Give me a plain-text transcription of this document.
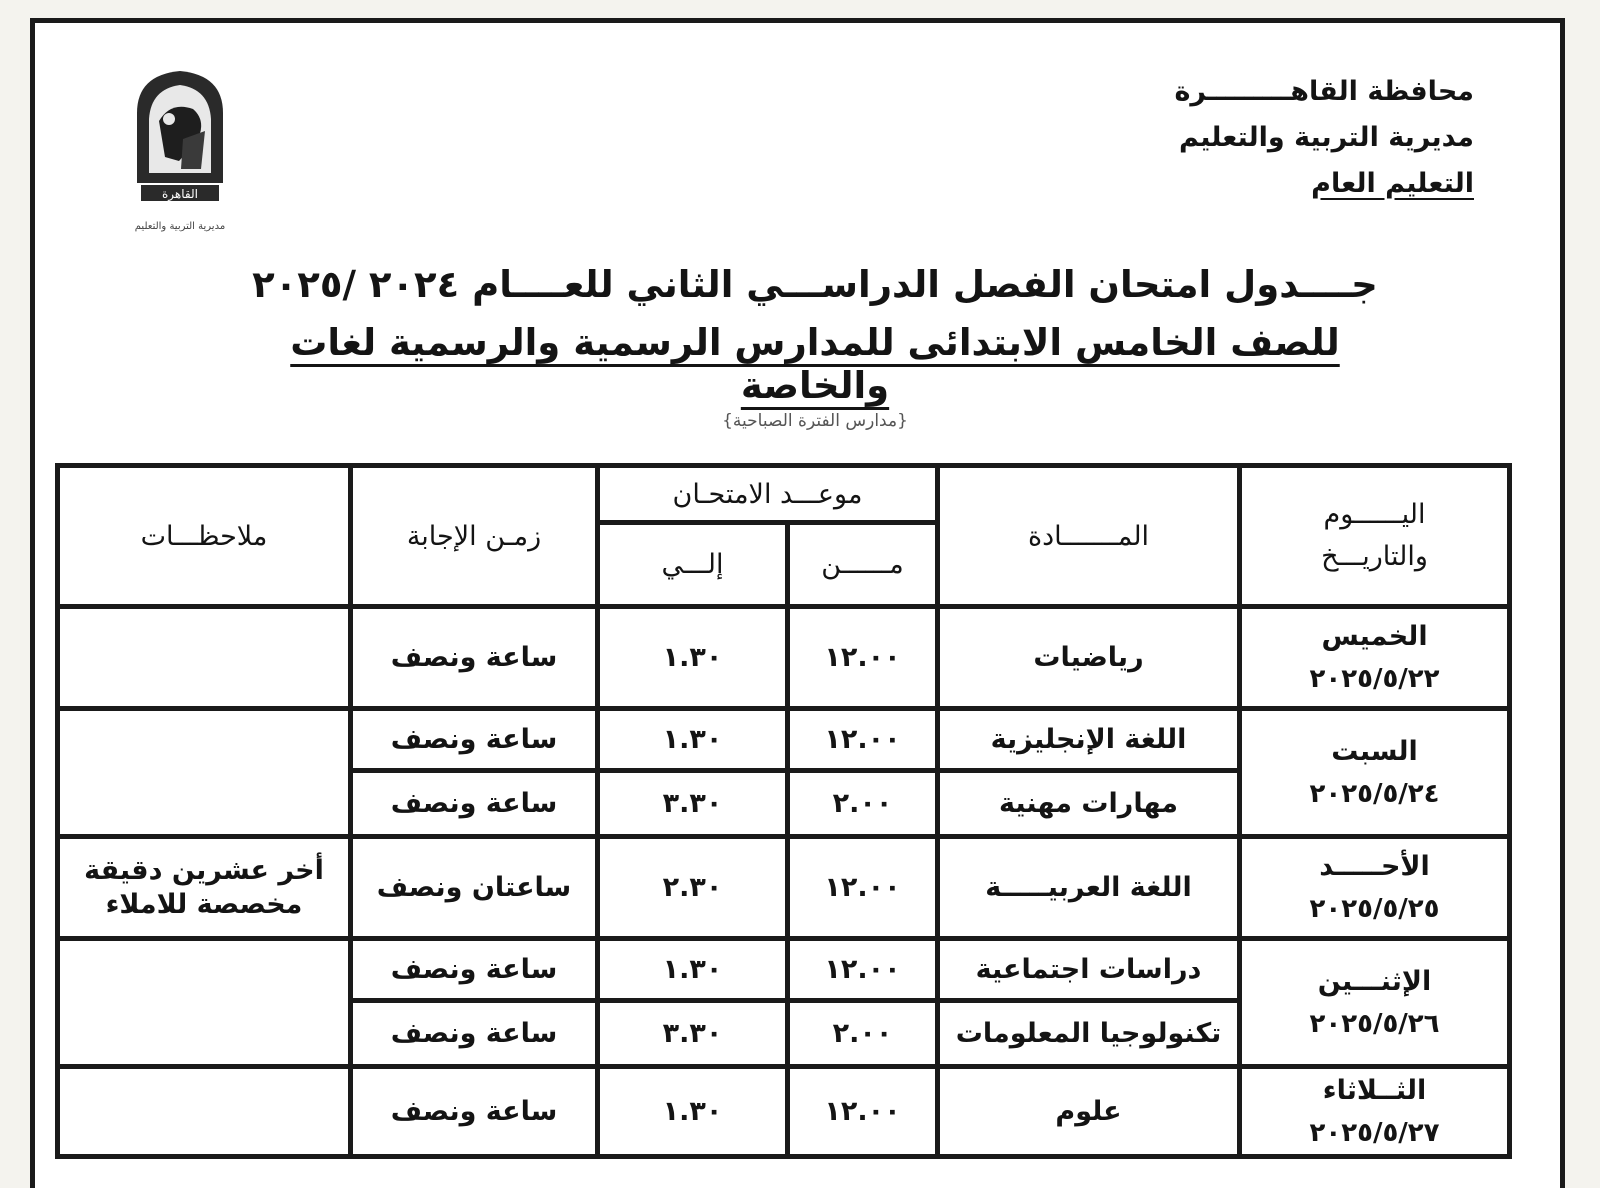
محافظة القاهـــــــــرة
مديرية التربية والتعليم
التعليم العام
القاهرة
مديرية التربية والتعليم
جــــدول امتحان الفصل الدراســـي الثاني للعــــام ٢٠٢٤ /٢٠٢٥
للصف الخامس الابتدائى للمدارس الرسمية والرسمية لغات والخاصة
{مدارس الفترة الصباحية}
اليــــــوم
والتاريـــخ	المـــــــادة	موعـــد الامتحـان		زمـن الإجابة	ملاحظـــات
		مــــــن	إلـــي		

الخميس
٢٠٢٥/٥/٢٢	رياضيات	١٢.٠٠	١.٣٠	ساعة ونصف	

السبت
٢٠٢٥/٥/٢٤	اللغة الإنجليزية	١٢.٠٠	١.٣٠	ساعة ونصف	
	مهارات مهنية	٢.٠٠	٣.٣٠	ساعة ونصف	

الأحـــــد
٢٠٢٥/٥/٢٥	اللغة العربيـــــة	١٢.٠٠	٢.٣٠	ساعتان ونصف	أخر عشرين دقيقة مخصصة للاملاء

الإثنـــين
٢٠٢٥/٥/٢٦	دراسات اجتماعية	١٢.٠٠	١.٣٠	ساعة ونصف	
	تكنولوجيا المعلومات	٢.٠٠	٣.٣٠	ساعة ونصف	

الثــلاثاء
٢٠٢٥/٥/٢٧	علوم	١٢.٠٠	١.٣٠	ساعة ونصف	
